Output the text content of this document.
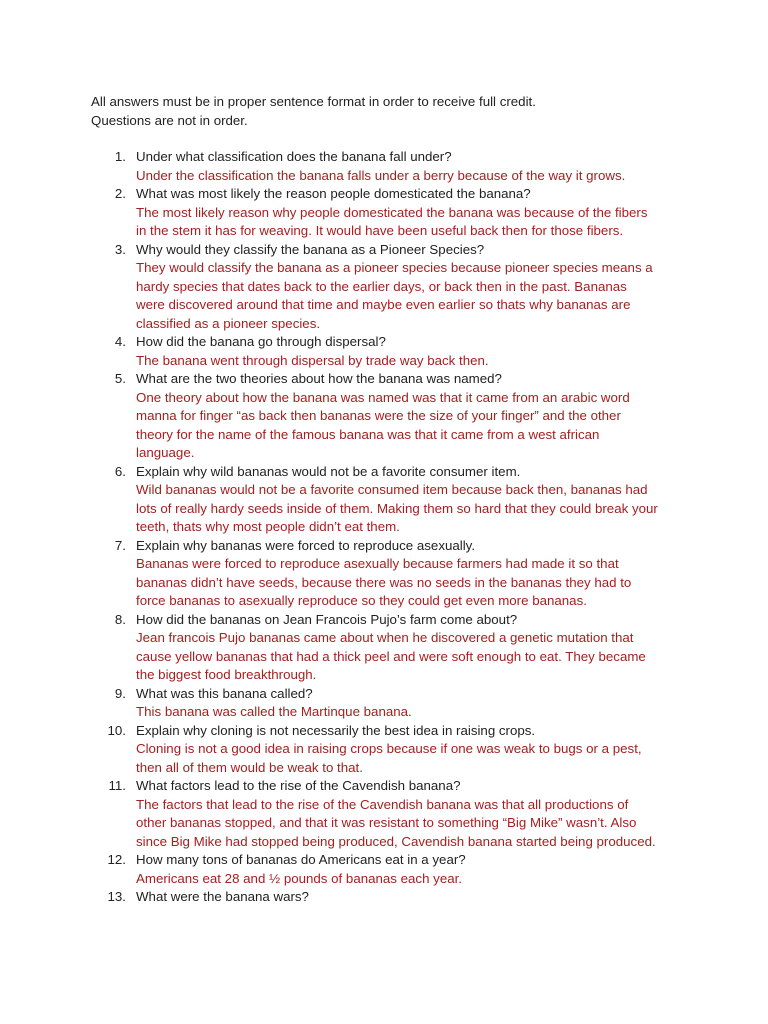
All answers must be in proper sentence format in order to receive full credit.
Questions are not in order.
1. Under what classification does the banana fall under?
Under the classification the banana falls under a berry because of the way it grows.
2. What was most likely the reason people domesticated the banana?
The most likely reason why people domesticated the banana was because of the fibers
in the stem it has for weaving. It would have been useful back then for those fibers.
3. Why would they classify the banana as a Pioneer Species?
They would classify the banana as a pioneer species because pioneer species means a
hardy species that dates back to the earlier days, or back then in the past. Bananas
were discovered around that time and maybe even earlier so thats why bananas are
classified as a pioneer species.
4. How did the banana go through dispersal?
The banana went through dispersal by trade way back then.
5. What are the two theories about how the banana was named?
One theory about how the banana was named was that it came from an arabic word
manna for finger “as back then bananas were the size of your finger” and the other
theory for the name of the famous banana was that it came from a west african
language.
6. Explain why wild bananas would not be a favorite consumer item.
Wild bananas would not be a favorite consumed item because back then, bananas had
lots of really hardy seeds inside of them. Making them so hard that they could break your
teeth, thats why most people didn’t eat them.
7. Explain why bananas were forced to reproduce asexually.
Bananas were forced to reproduce asexually because farmers had made it so that
bananas didn’t have seeds, because there was no seeds in the bananas they had to
force bananas to asexually reproduce so they could get even more bananas.
8. How did the bananas on Jean Francois Pujo’s farm come about?
Jean francois Pujo bananas came about when he discovered a genetic mutation that
cause yellow bananas that had a thick peel and were soft enough to eat. They became
the biggest food breakthrough.
9. What was this banana called?
This banana was called the Martinque banana.
10. Explain why cloning is not necessarily the best idea in raising crops.
Cloning is not a good idea in raising crops because if one was weak to bugs or a pest,
then all of them would be weak to that.
11. What factors lead to the rise of the Cavendish banana?
The factors that lead to the rise of the Cavendish banana was that all productions of
other bananas stopped, and that it was resistant to something “Big Mike” wasn’t. Also
since Big Mike had stopped being produced, Cavendish banana started being produced.
12. How many tons of bananas do Americans eat in a year?
Americans eat 28 and ½ pounds of bananas each year.
13. What were the banana wars?
